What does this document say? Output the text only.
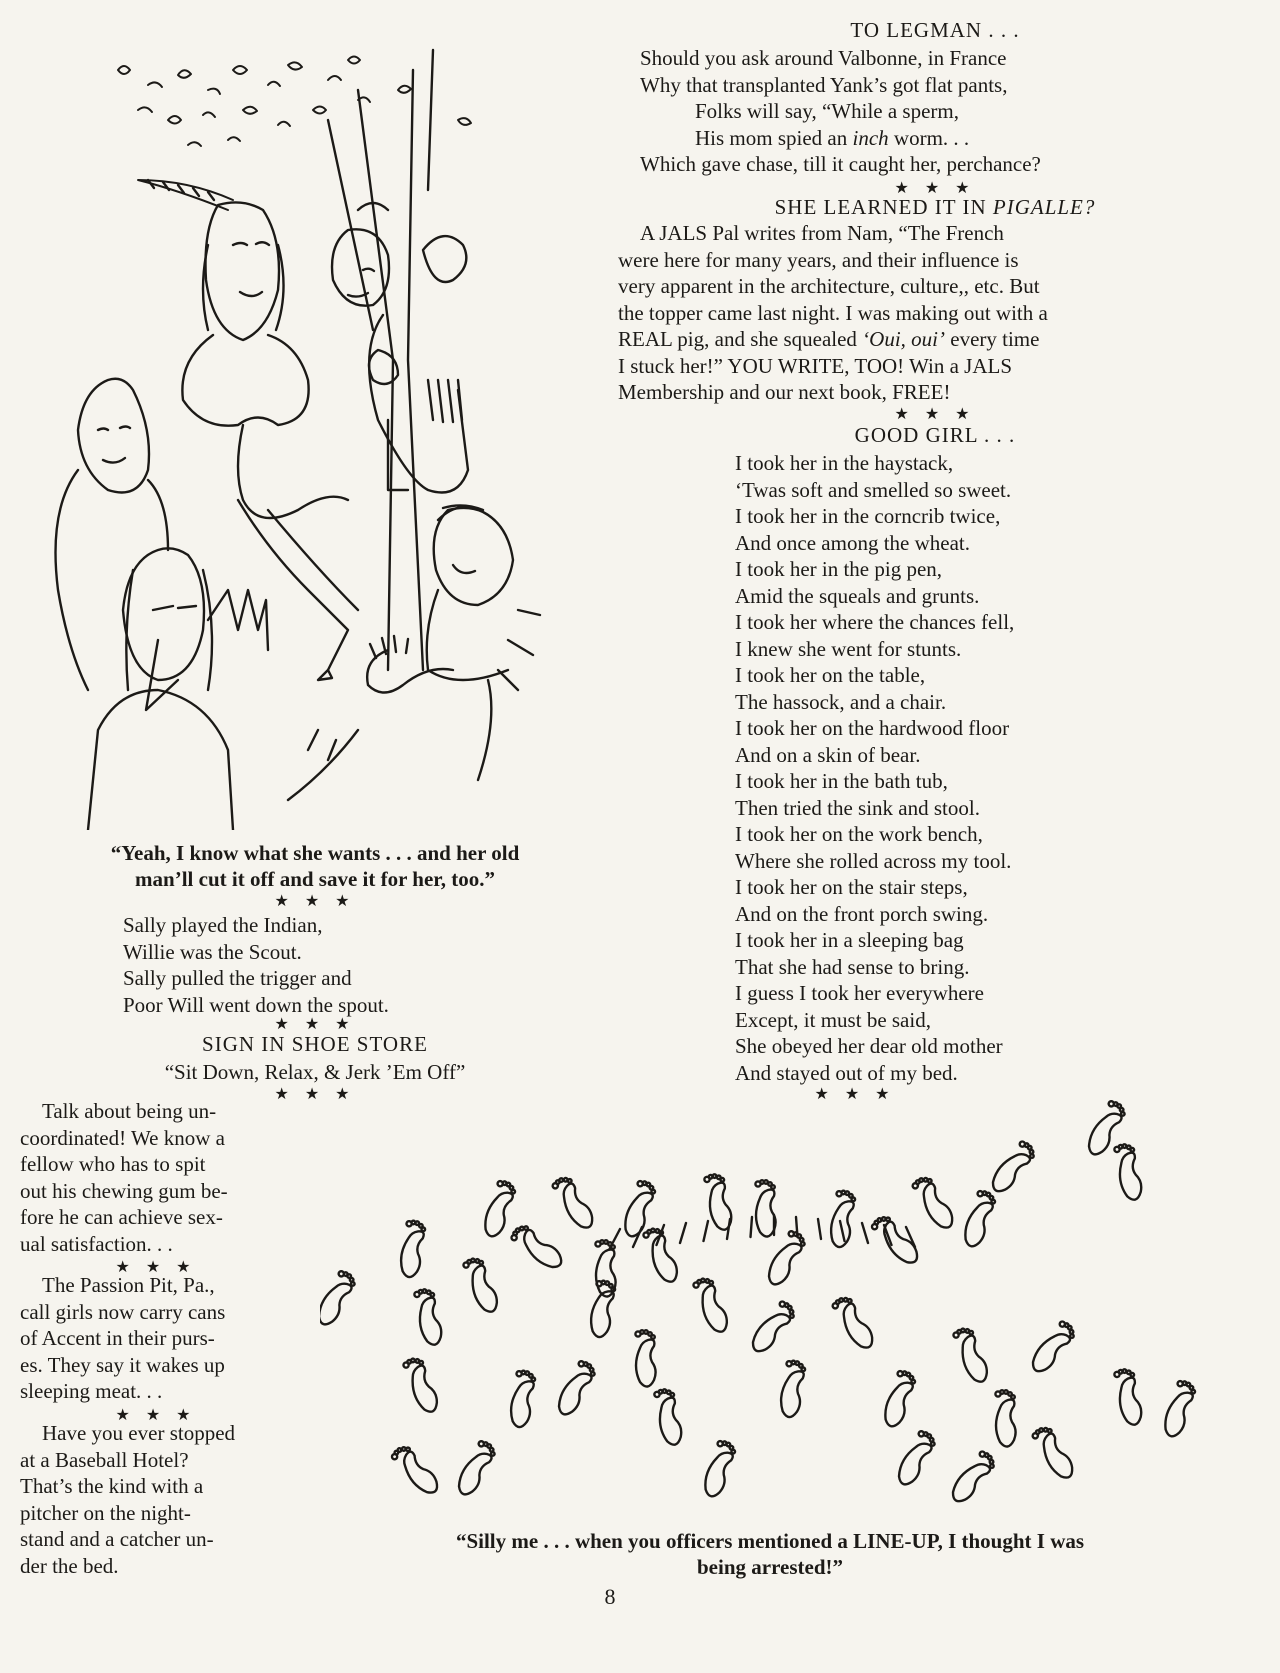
“Yeah, I know what she wants . . . and her old
man’ll cut it off and save it for her, too.”
★ ★ ★
Sally played the Indian,
Willie was the Scout.
Sally pulled the trigger and
Poor Will went down the spout.
★ ★ ★
SIGN IN SHOE STORE
“Sit Down, Relax, & Jerk ’Em Off”
★ ★ ★
Talk about being un-
coordinated! We know a
fellow who has to spit
out his chewing gum be-
fore he can achieve sex-
ual satisfaction. . .
★ ★ ★
The Passion Pit, Pa.,
call girls now carry cans
of Accent in their purs-
es. They say it wakes up
sleeping meat. . .
★ ★ ★
Have you ever stopped
at a Baseball Hotel?
That’s the kind with a
pitcher on the night-
stand and a catcher un-
der the bed.
TO LEGMAN . . .
Should you ask around Valbonne, in France
Why that transplanted Yank’s got flat pants,
Folks will say, “While a sperm,
His mom spied an inch worm. . .
Which gave chase, till it caught her, perchance?
★ ★ ★
SHE LEARNED IT IN PIGALLE?
A JALS Pal writes from Nam, “The French
were here for many years, and their influence is
very apparent in the architecture, culture,, etc. But
the topper came last night. I was making out with a
REAL pig, and she squealed ‘Oui, oui’ every time
I stuck her!” YOU WRITE, TOO! Win a JALS
Membership and our next book, FREE!
★ ★ ★
GOOD GIRL . . .
I took her in the haystack,
‘Twas soft and smelled so sweet.
I took her in the corncrib twice,
And once among the wheat.
I took her in the pig pen,
Amid the squeals and grunts.
I took her where the chances fell,
I knew she went for stunts.
I took her on the table,
The hassock, and a chair.
I took her on the hardwood floor
And on a skin of bear.
I took her in the bath tub,
Then tried the sink and stool.
I took her on the work bench,
Where she rolled across my tool.
I took her on the stair steps,
And on the front porch swing.
I took her in a sleeping bag
That she had sense to bring.
I guess I took her everywhere
Except, it must be said,
She obeyed her dear old mother
And stayed out of my bed.
★ ★ ★
“Silly me . . . when you officers mentioned a LINE-UP, I thought I was
being arrested!”
8
